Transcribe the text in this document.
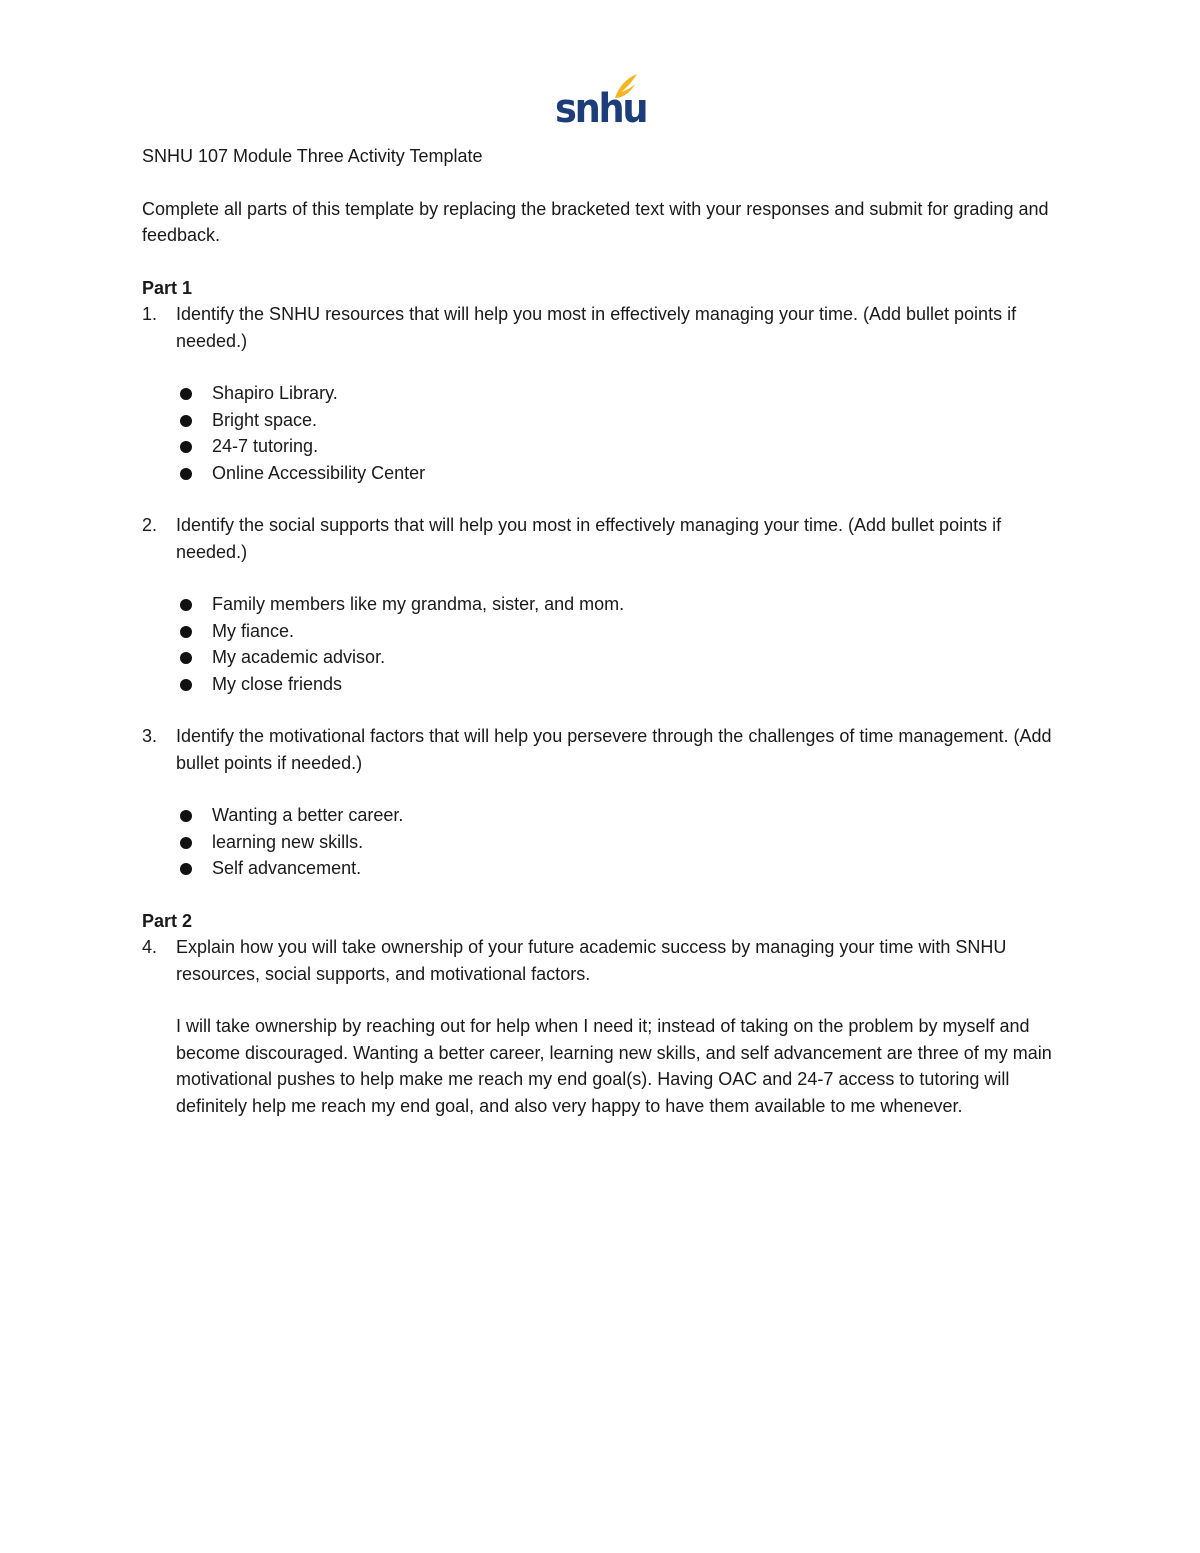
snhu

SNHU 107 Module Three Activity Template

Complete all parts of this template by replacing the bracketed text with your responses and submit for grading and feedback.

Part 1

1.	Identify the SNHU resources that will help you most in effectively managing your time. (Add bullet points if needed.)
Shapiro Library.
Bright space.
24-7 tutoring.
Online Accessibility Center
2.	Identify the social supports that will help you most in effectively managing your time. (Add bullet points if needed.)
Family members like my grandma, sister, and mom.
My fiance.
My academic advisor.
My close friends
3.	Identify the motivational factors that will help you persevere through the challenges of time management. (Add bullet points if needed.)
Wanting a better career.
learning new skills.
Self advancement.

Part 2

4.	Explain how you will take ownership of your future academic success by managing your time with SNHU resources, social supports, and motivational factors.

I will take ownership by reaching out for help when I need it; instead of taking on the problem by myself and become discouraged. Wanting a better career, learning new skills, and self advancement are three of my main motivational pushes to help make me reach my end goal(s). Having OAC and 24-7 access to tutoring will definitely help me reach my end goal, and also very happy to have them available to me whenever.
